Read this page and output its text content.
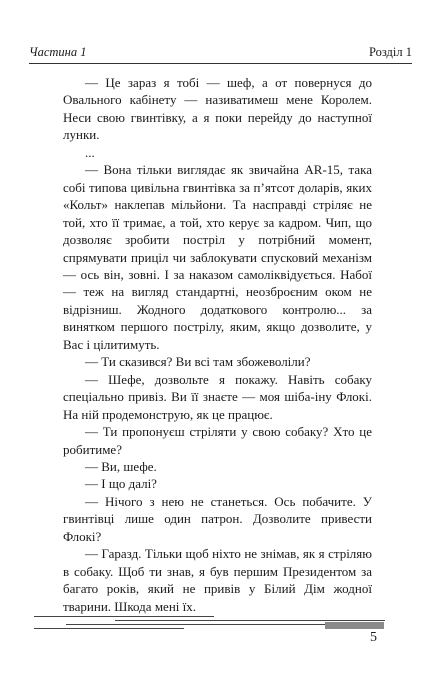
Частина 1	Розділ 1

— Це зараз я тобі — шеф, а от повернуся до Овального кабінету — називатимеш мене Королем. Неси свою гвинтівку, а я поки перейду до наступної лунки.

...

— Вона тільки виглядає як звичайна AR-15, така собі типова цивільна гвинтівка за п’ятсот доларів, яких «Кольт» наклепав мільйони. Та насправді стріляє не той, хто її тримає, а той, хто керує за кадром. Чип, що дозволяє зробити постріл у потрібний момент, спрямувати приціл чи заблокувати спусковий механізм — ось він, зовні. І за наказом самоліквідується. Набої — теж на вигляд стандартні, неозброєним оком не відрізниш. Жодного додаткового контролю... за винятком першого пострілу, яким, якщо дозволите, у Вас і цілитимуть.

— Ти сказився? Ви всі там збожеволіли?

— Шефе, дозвольте я покажу. Навіть собаку спеціально привіз. Ви її знаєте — моя шіба-іну Флокі. На ній продемонструю, як це працює.

— Ти пропонуєш стріляти у свою собаку? Хто це робитиме?

— Ви, шефе.

— І що далі?

— Нічого з нею не станеться. Ось побачите. У гвинтівці лише один патрон. Дозволите привести Флокі?

— Гаразд. Тільки щоб ніхто не знімав, як я стріляю в собаку. Щоб ти знав, я був першим Президентом за багато років, який не привів у Білий Дім жодної тварини. Шкода мені їх.

5
